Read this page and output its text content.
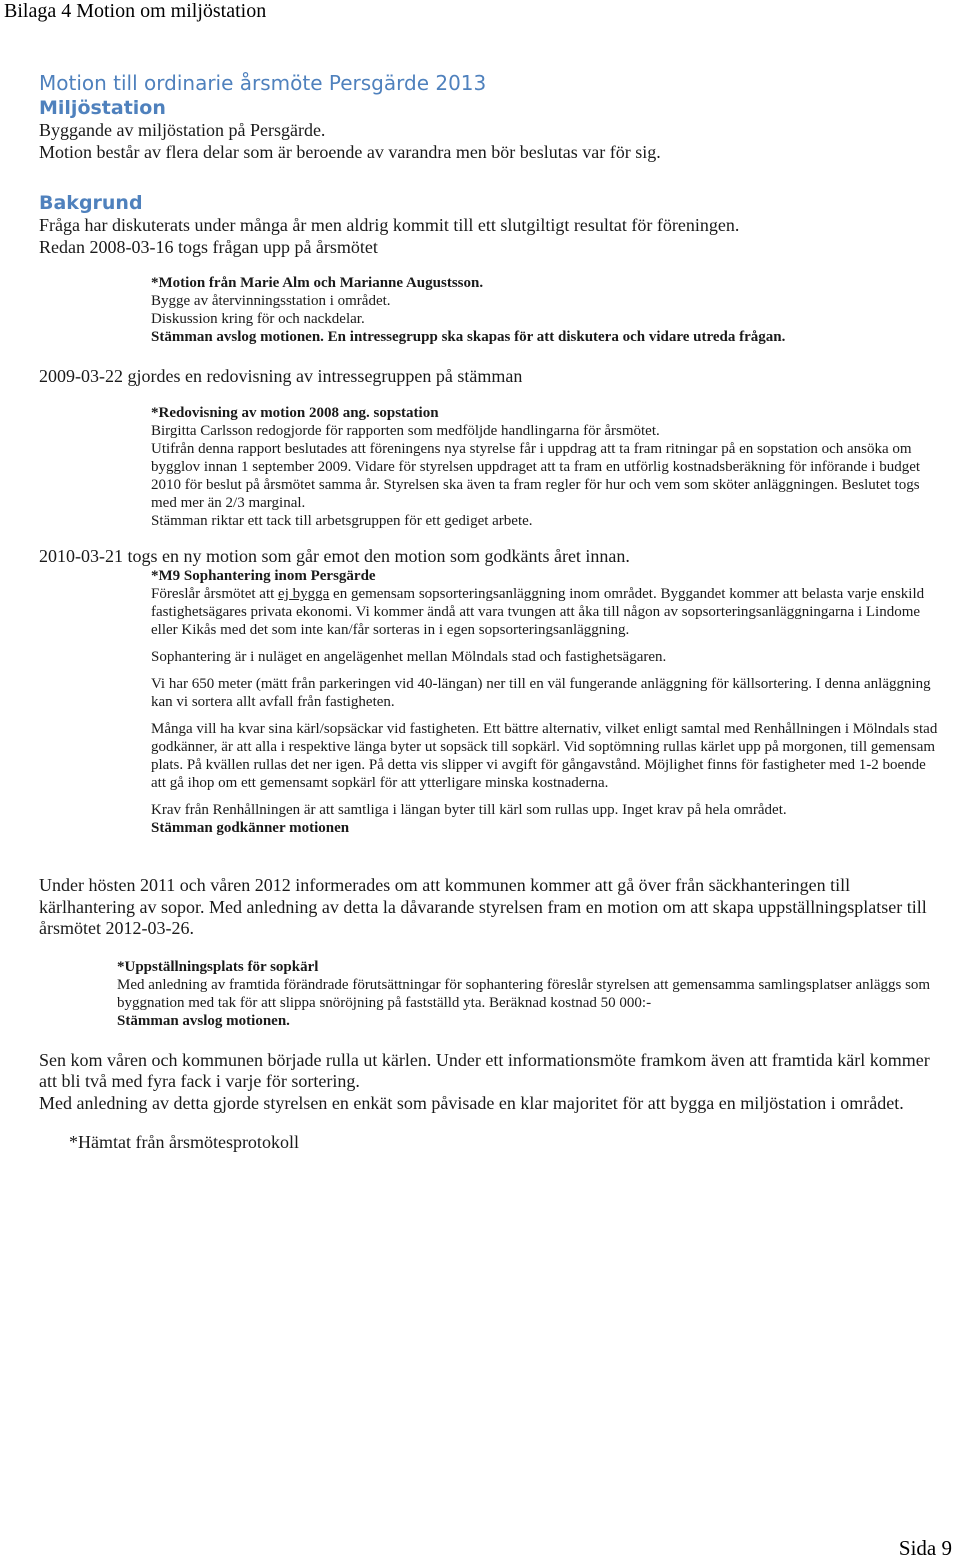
Bilaga 4 Motion om miljöstation
Motion till ordinarie årsmöte Persgärde 2013
Miljöstation

Byggande av miljöstation på Persgärde.

Motion består av flera delar som är beroende av varandra men bör beslutas var för sig.

Bakgrund

Fråga har diskuterats under många år men aldrig kommit till ett slutgiltigt resultat för föreningen.

Redan 2008-03-16 togs frågan upp på årsmötet

*Motion från Marie Alm och Marianne Augustsson.

Bygge av återvinningsstation i området.

Diskussion kring för och nackdelar.

Stämman avslog motionen. En intressegrupp ska skapas för att diskutera och vidare utreda frågan.

2009-03-22 gjordes en redovisning av intressegruppen på stämman

*Redovisning av motion 2008 ang. sopstation

Birgitta Carlsson redogjorde för rapporten som medföljde handlingarna för årsmötet.

Utifrån denna rapport beslutades att föreningens nya styrelse får i uppdrag att ta fram ritningar på en sopstation och ansöka om bygglov innan 1 september 2009. Vidare för styrelsen uppdraget att ta fram en utförlig kostnadsberäkning för införande i budget 2010 för beslut på årsmötet samma år. Styrelsen ska även ta fram regler för hur och vem som sköter anläggningen. Beslutet togs med mer än 2/3 marginal.

Stämman riktar ett tack till arbetsgruppen för ett gediget arbete.

2010-03-21 togs en ny motion som går emot den motion som godkänts året innan.

*M9 Sophantering inom Persgärde

Föreslår årsmötet att ej bygga en gemensam sopsorteringsanläggning inom området. Byggandet kommer att belasta varje enskild fastighetsägares privata ekonomi. Vi kommer ändå att vara tvungen att åka till någon av sopsorteringsanläggningarna i Lindome eller Kikås med det som inte kan/får sorteras in i egen sopsorteringsanläggning.

Sophantering är i nuläget en angelägenhet mellan Mölndals stad och fastighetsägaren.

Vi har 650 meter (mätt från parkeringen vid 40-längan) ner till en väl fungerande anläggning för källsortering. I denna anläggning kan vi sortera allt avfall från fastigheten.

Många vill ha kvar sina kärl/sopsäckar vid fastigheten. Ett bättre alternativ, vilket enligt samtal med Renhållningen i Mölndals stad godkänner, är att alla i respektive länga byter ut sopsäck till sopkärl. Vid soptömning rullas kärlet upp på morgonen, till gemensam plats. På kvällen rullas det ner igen. På detta vis slipper vi avgift för gångavstånd. Möjlighet finns för fastigheter med 1-2 boende att gå ihop om ett gemensamt sopkärl för att ytterligare minska kostnaderna.

Krav från Renhållningen är att samtliga i längan byter till kärl som rullas upp. Inget krav på hela området.

Stämman godkänner motionen

Under hösten 2011 och våren 2012 informerades om att kommunen kommer att gå över från säckhanteringen till kärlhantering av sopor. Med anledning av detta la dåvarande styrelsen fram en motion om att skapa uppställningsplatser till årsmötet 2012-03-26.

*Uppställningsplats för sopkärl

Med anledning av framtida förändrade förutsättningar för sophantering föreslår styrelsen att gemensamma samlingsplatser anläggs som byggnation med tak för att slippa snöröjning på fastställd yta. Beräknad kostnad 50 000:-

Stämman avslog motionen.

Sen kom våren och kommunen började rulla ut kärlen. Under ett informationsmöte framkom även att framtida kärl kommer att bli två med fyra fack i varje för sortering.

Med anledning av detta gjorde styrelsen en enkät som påvisade en klar majoritet för att bygga en miljöstation i området.

*Hämtat från årsmötesprotokoll

Sida 9
